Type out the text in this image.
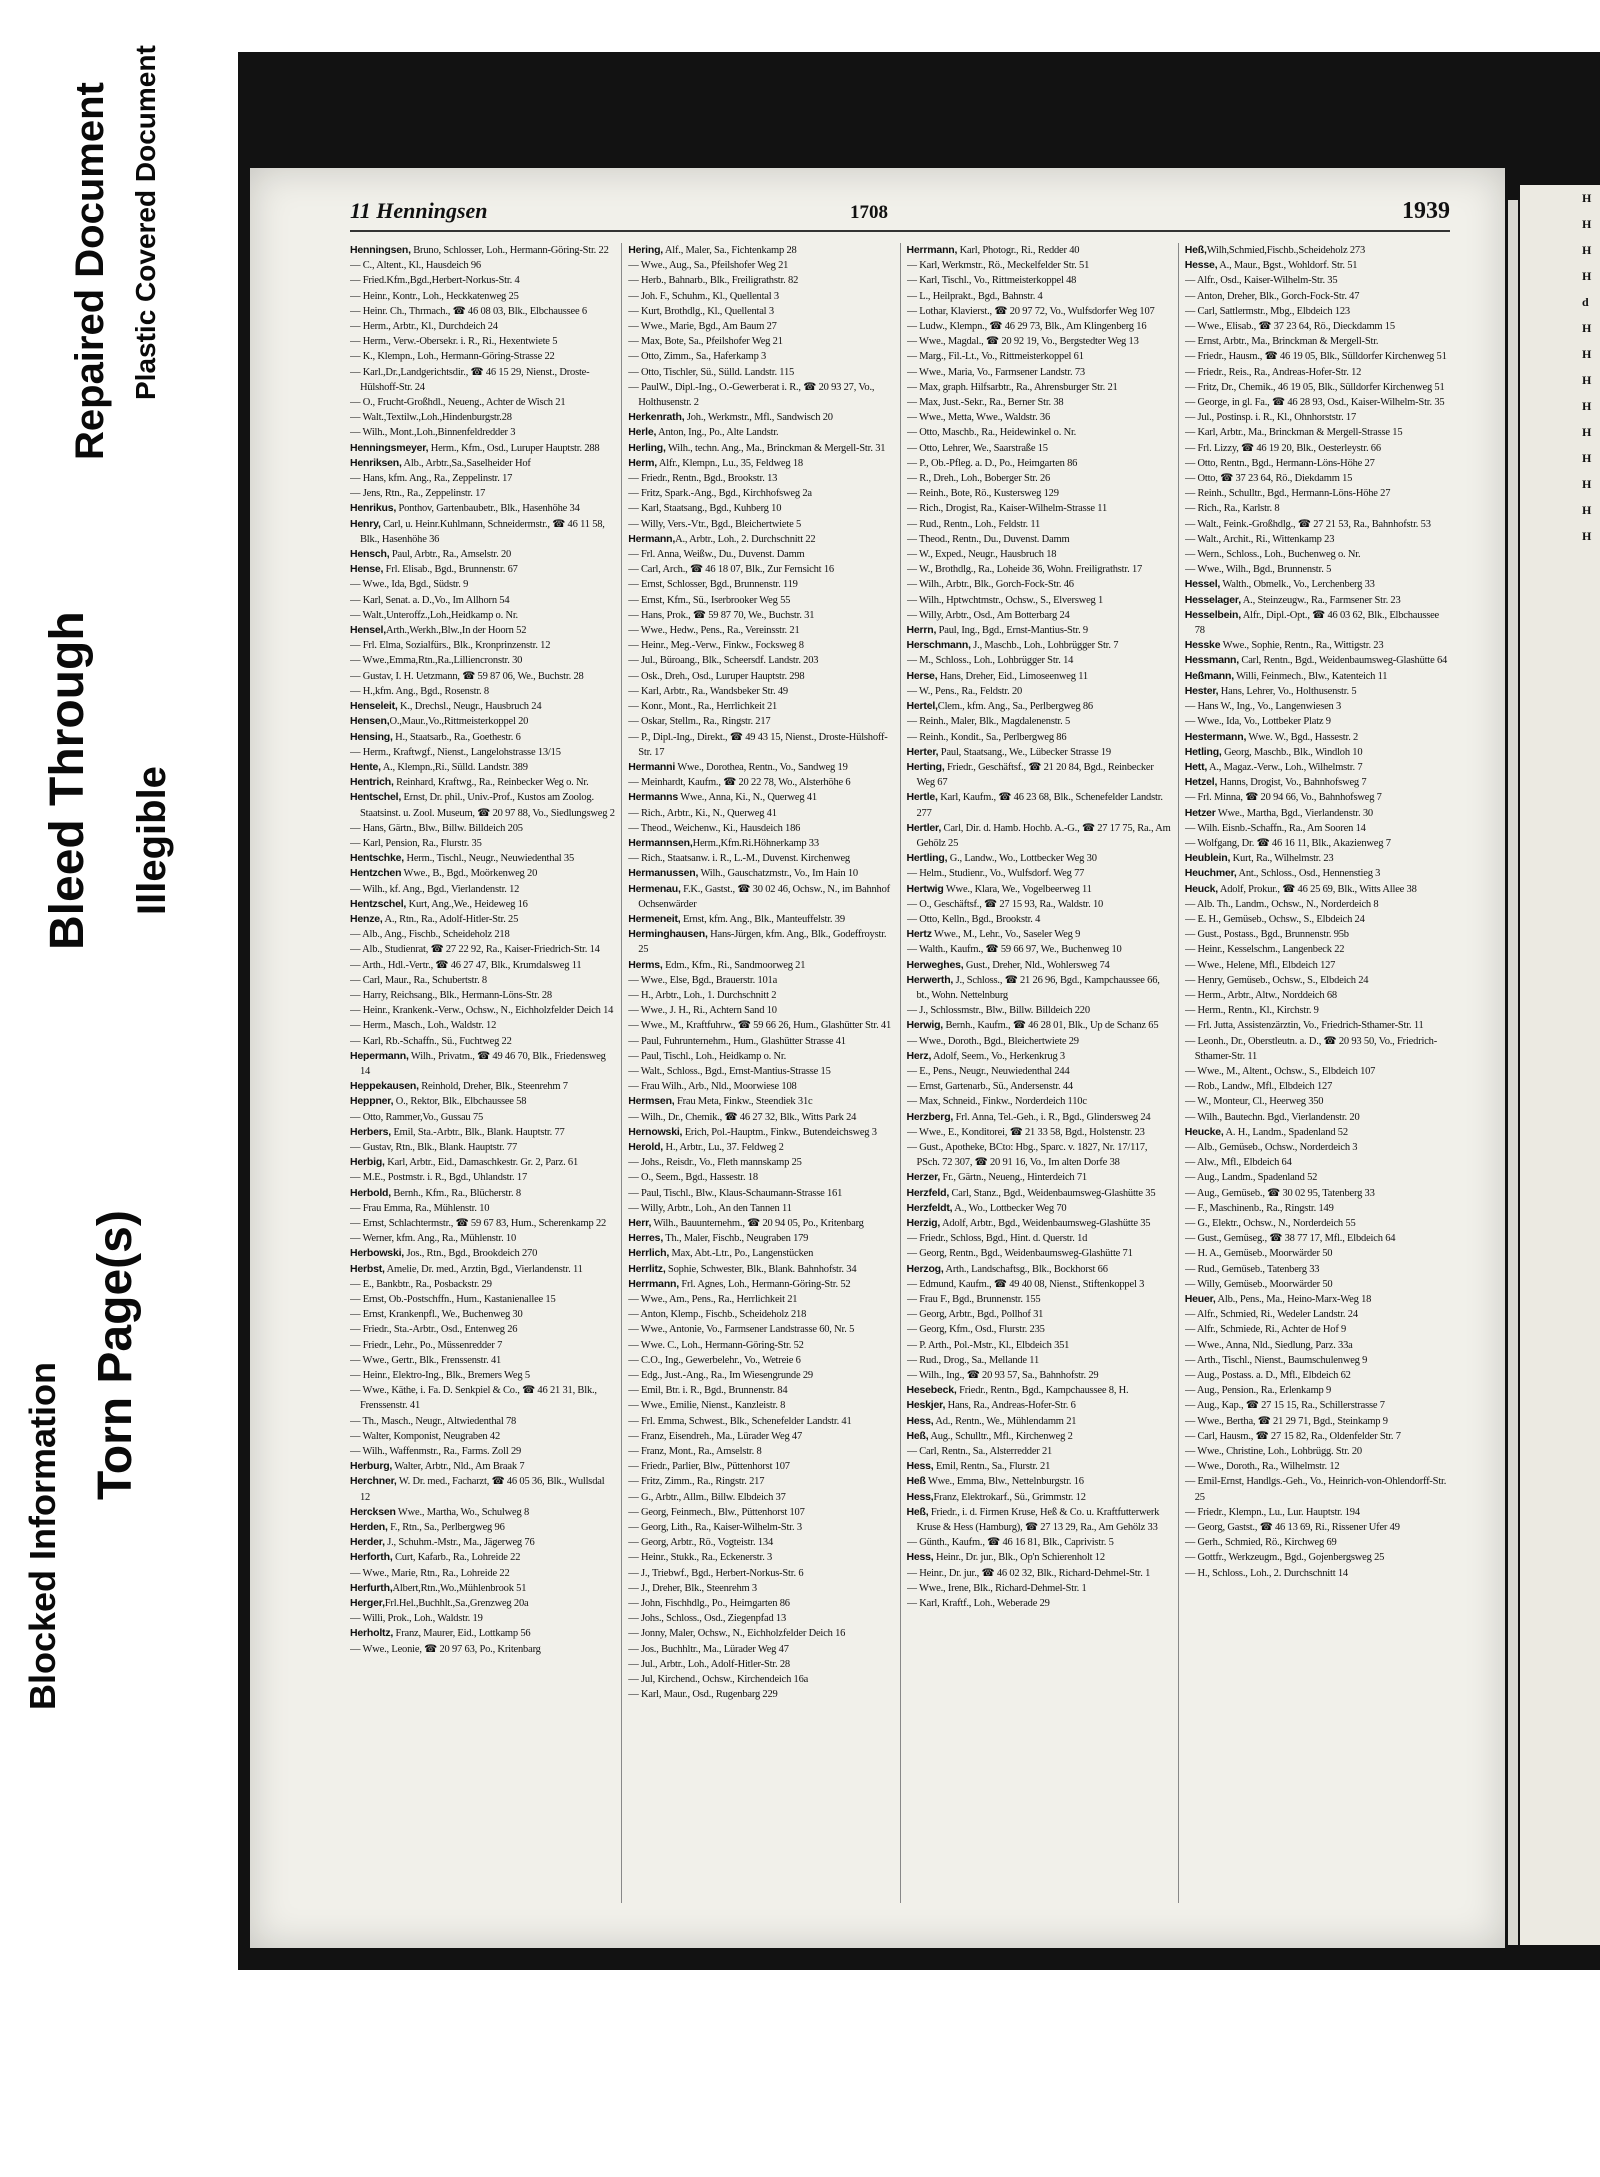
Plastic Covered Document
Repaired Document
Bleed Through Illegible
Blocked Information
Torn Page(s)
11 Henningsen	1708	1939

Henningsen, Bruno, Schlosser, Loh., Hermann-Göring-Str. 22

— C., Altent., Kl., Hausdeich 96

— Fried.Kfm.,Bgd.,Herbert-Norkus-Str. 4

— Heinr., Kontr., Loh., Heckkatenweg 25

— Heinr. Ch., Thrmach., ☎ 46 08 03, Blk., Elbchaussee 6

— Herm., Arbtr., Kl., Durchdeich 24

— Herm., Verw.-Obersekr. i. R., Ri., Hexentwiete 5

— K., Klempn., Loh., Hermann-Göring-Strasse 22

— Karl.,Dr.,Landgerichtsdir., ☎ 46 15 29, Nienst., Droste-Hülshoff-Str. 24

— O., Frucht-Großhdl., Neueng., Achter de Wisch 21

— Walt.,Textilw.,Loh.,Hindenburgstr.28

— Wilh., Mont.,Loh.,Binnenfeldredder 3

Henningsmeyer, Herm., Kfm., Osd., Luruper Hauptstr. 288

Henriksen, Alb., Arbtr.,Sa.,Saselheider Hof

— Hans, kfm. Ang., Ra., Zeppelinstr. 17

— Jens, Rtn., Ra., Zeppelinstr. 17

Henrikus, Ponthov, Gartenbaubetr., Blk., Hasenhöhe 34

Henry, Carl, u. Heinr.Kuhlmann, Schneidermstr., ☎ 46 11 58, Blk., Hasenhöhe 36

Hensch, Paul, Arbtr., Ra., Amselstr. 20

Hense, Frl. Elisab., Bgd., Brunnenstr. 67

— Wwe., Ida, Bgd., Südstr. 9

— Karl, Senat. a. D.,Vo., Im Allhorn 54

— Walt.,Unteroffz.,Loh.,Heidkamp o. Nr.

Hensel,Arth.,Werkh.,Blw.,In der Hoorn 52

— Frl. Elma, Sozialfürs., Blk., Kronprinzenstr. 12

— Wwe.,Emma,Rtn.,Ra.,Lilliencronstr. 30

— Gustav, I. H. Uetzmann, ☎ 59 87 06, We., Buchstr. 28

— H.,kfm. Ang., Bgd., Rosenstr. 8

Henseleit, K., Drechsl., Neugr., Hausbruch 24

Hensen,O.,Maur.,Vo.,Rittmeisterkoppel 20

Hensing, H., Staatsarb., Ra., Goethestr. 6

— Herm., Kraftwgf., Nienst., Langelohstrasse 13/15

Hente, A., Klempn.,Ri., Sülld. Landstr. 389

Hentrich, Reinhard, Kraftwg., Ra., Reinbecker Weg o. Nr.

Hentschel, Ernst, Dr. phil., Univ.-Prof., Kustos am Zoolog. Staatsinst. u. Zool. Museum, ☎ 20 97 88, Vo., Siedlungsweg 2

— Hans, Gärtn., Blw., Billw. Billdeich 205

— Karl, Pension, Ra., Flurstr. 35

Hentschke, Herm., Tischl., Neugr., Neuwiedenthal 35

Hentzchen Wwe., B., Bgd., Moörkenweg 20

— Wilh., kf. Ang., Bgd., Vierlandenstr. 12

Hentzschel, Kurt, Ang.,We., Heideweg 16

Henze, A., Rtn., Ra., Adolf-Hitler-Str. 25

— Alb., Ang., Fischb., Scheideholz 218

— Alb., Studienrat, ☎ 27 22 92, Ra., Kaiser-Friedrich-Str. 14

— Arth., Hdl.-Vertr., ☎ 46 27 47, Blk., Krumdalsweg 11

— Carl, Maur., Ra., Schubertstr. 8

— Harry, Reichsang., Blk., Hermann-Löns-Str. 28

— Heinr., Krankenk.-Verw., Ochsw., N., Eichholzfelder Deich 14

— Herm., Masch., Loh., Waldstr. 12

— Karl, Rb.-Schaffn., Sü., Fuchtweg 22

Hepermann, Wilh., Privatm., ☎ 49 46 70, Blk., Friedensweg 14

Heppekausen, Reinhold, Dreher, Blk., Steenrehm 7

Heppner, O., Rektor, Blk., Elbchaussee 58

— Otto, Rammer,Vo., Gussau 75

Herbers, Emil, Sta.-Arbtr., Blk., Blank. Hauptstr. 77

— Gustav, Rtn., Blk., Blank. Hauptstr. 77

Herbig, Karl, Arbtr., Eid., Damaschkestr. Gr. 2, Parz. 61

— M.E., Postmstr. i. R., Bgd., Uhlandstr. 17

Herbold, Bernh., Kfm., Ra., Blücherstr. 8

— Frau Emma, Ra., Mühlenstr. 10

— Ernst, Schlachtermstr., ☎ 59 67 83, Hum., Scherenkamp 22

— Werner, kfm. Ang., Ra., Mühlenstr. 10

Herbowski, Jos., Rtn., Bgd., Brookdeich 270

Herbst, Amelie, Dr. med., Arztin, Bgd., Vierlandenstr. 11

— E., Bankbtr., Ra., Posbackstr. 29

— Ernst, Ob.-Postschffn., Hum., Kastanienallee 15

— Ernst, Krankenpfl., We., Buchenweg 30

— Friedr., Sta.-Arbtr., Osd., Entenweg 26

— Friedr., Lehr., Po., Müssenredder 7

— Wwe., Gertr., Blk., Frenssenstr. 41

— Heinr., Elektro-Ing., Blk., Bremers Weg 5

— Wwe., Käthe, i. Fa. D. Senkpiel & Co., ☎ 46 21 31, Blk., Frenssenstr. 41

— Th., Masch., Neugr., Altwiedenthal 78

— Walter, Komponist, Neugraben 42

— Wilh., Waffenmstr., Ra., Farms. Zoll 29

Herburg, Walter, Arbtr., Nld., Am Braak 7

Herchner, W. Dr. med., Facharzt, ☎ 46 05 36, Blk., Wullsdal 12

Hercksen Wwe., Martha, Wo., Schulweg 8

Herden, F., Rtn., Sa., Perlbergweg 96

Herder, J., Schuhm.-Mstr., Ma., Jägerweg 76

Herforth, Curt, Kafarb., Ra., Lohreide 22

— Wwe., Marie, Rtn., Ra., Lohreide 22

Herfurth,Albert,Rtn.,Wo.,Mühlenbrook 51

Herger,Frl.Hel.,Buchhlt.,Sa.,Grenzweg 20a

— Willi, Prok., Loh., Waldstr. 19

Herholtz, Franz, Maurer, Eid., Lottkamp 56

— Wwe., Leonie, ☎ 20 97 63, Po., Kritenbarg

Hering, Alf., Maler, Sa., Fichtenkamp 28

— Wwe., Aug., Sa., Pfeilshofer Weg 21

— Herb., Bahnarb., Blk., Freiligrathstr. 82

— Joh. F., Schuhm., Kl., Quellental 3

— Kurt, Brothdlg., Kl., Quellental 3

— Wwe., Marie, Bgd., Am Baum 27

— Max, Bote, Sa., Pfeilshofer Weg 21

— Otto, Zimm., Sa., Haferkamp 3

— Otto, Tischler, Sü., Sülld. Landstr. 115

— PaulW., Dipl.-Ing., O.-Gewerberat i. R., ☎ 20 93 27, Vo., Holthusenstr. 2

Herkenrath, Joh., Werkmstr., Mfl., Sandwisch 20

Herle, Anton, Ing., Po., Alte Landstr.

Herling, Wilh., techn. Ang., Ma., Brinckman & Mergell-Str. 31

Herm, Alfr., Klempn., Lu., 35, Feldweg 18

— Friedr., Rentn., Bgd., Brookstr. 13

— Fritz, Spark.-Ang., Bgd., Kirchhofsweg 2a

— Karl, Staatsang., Bgd., Kuhberg 10

— Willy, Vers.-Vtr., Bgd., Bleichertwiete 5

Hermann,A., Arbtr., Loh., 2. Durchschnitt 22

— Frl. Anna, Weißw., Du., Duvenst. Damm

— Carl, Arch., ☎ 46 18 07, Blk., Zur Fernsicht 16

— Ernst, Schlosser, Bgd., Brunnenstr. 119

— Ernst, Kfm., Sü., Iserbrooker Weg 55

— Hans, Prok., ☎ 59 87 70, We., Buchstr. 31

— Wwe., Hedw., Pens., Ra., Vereinsstr. 21

— Heinr., Meg.-Verw., Finkw., Focksweg 8

— Jul., Büroang., Blk., Scheersdf. Landstr. 203

— Osk., Dreh., Osd., Luruper Hauptstr. 298

— Karl, Arbtr., Ra., Wandsbeker Str. 49

— Konr., Mont., Ra., Herrlichkeit 21

— Oskar, Stellm., Ra., Ringstr. 217

— P., Dipl.-Ing., Direkt., ☎ 49 43 15, Nienst., Droste-Hülshoff-Str. 17

Hermanni Wwe., Dorothea, Rentn., Vo., Sandweg 19

— Meinhardt, Kaufm., ☎ 20 22 78, Wo., Alsterhöhe 6

Hermanns Wwe., Anna, Ki., N., Querweg 41

— Rich., Arbtr., Ki., N., Querweg 41

— Theod., Weichenw., Ki., Hausdeich 186

Hermannsen,Herm.,Kfm.Ri.Höhnerkamp 33

— Rich., Staatsanw. i. R., L.-M., Duvenst. Kirchenweg

Hermanussen, Wilh., Gauschatzmstr., Vo., Im Hain 10

Hermenau, F.K., Gastst., ☎ 30 02 46, Ochsw., N., im Bahnhof Ochsenwärder

Hermeneit, Ernst, kfm. Ang., Blk., Manteuffelstr. 39

Herminghausen, Hans-Jürgen, kfm. Ang., Blk., Godeffroystr. 25

Herms, Edm., Kfm., Ri., Sandmoorweg 21

— Wwe., Else, Bgd., Brauerstr. 101a

— H., Arbtr., Loh., 1. Durchschnitt 2

— Wwe., J. H., Ri., Achtern Sand 10

— Wwe., M., Kraftfuhrw., ☎ 59 66 26, Hum., Glashütter Str. 41

— Paul, Fuhrunternehm., Hum., Glashütter Strasse 41

— Paul, Tischl., Loh., Heidkamp o. Nr.

— Walt., Schloss., Bgd., Ernst-Mantius-Strasse 15

— Frau Wilh., Arb., Nld., Moorwiese 108

Hermsen, Frau Meta, Finkw., Steendiek 31c

— Wilh., Dr., Chemik., ☎ 46 27 32, Blk., Witts Park 24

Hernowski, Erich, Pol.-Hauptm., Finkw., Butendeichsweg 3

Herold, H., Arbtr., Lu., 37. Feldweg 2

— Johs., Reisdr., Vo., Fleth mannskamp 25

— O., Seem., Bgd., Hassestr. 18

— Paul, Tischl., Blw., Klaus-Schaumann-Strasse 161

— Willy, Arbtr., Loh., An den Tannen 11

Herr, Wilh., Bauunternehm., ☎ 20 94 05, Po., Kritenbarg

Herres, Th., Maler, Fischb., Neugraben 179

Herrlich, Max, Abt.-Ltr., Po., Langenstücken

Herrlitz, Sophie, Schwester, Blk., Blank. Bahnhofstr. 34

Herrmann, Frl. Agnes, Loh., Hermann-Göring-Str. 52

— Wwe., Am., Pens., Ra., Herrlichkeit 21

— Anton, Klemp., Fischb., Scheideholz 218

— Wwe., Antonie, Vo., Farmsener Landstrasse 60, Nr. 5

— Wwe. C., Loh., Hermann-Göring-Str. 52

— C.O., Ing., Gewerbelehr., Vo., Wetreie 6

— Edg., Just.-Ang., Ra., Im Wiesengrunde 29

— Emil, Btr. i. R., Bgd., Brunnenstr. 84

— Wwe., Emilie, Nienst., Kanzleistr. 8

— Frl. Emma, Schwest., Blk., Schenefelder Landstr. 41

— Franz, Eisendreh., Ma., Lürader Weg 47

— Franz, Mont., Ra., Amselstr. 8

— Friedr., Parlier, Blw., Püttenhorst 107

— Fritz, Zimm., Ra., Ringstr. 217

— G., Arbtr., Allm., Billw. Elbdeich 37

— Georg, Feinmech., Blw., Püttenhorst 107

— Georg, Lith., Ra., Kaiser-Wilhelm-Str. 3

— Georg, Arbtr., Rö., Vogteistr. 134

— Heinr., Stukk., Ra., Eckenerstr. 3

— J., Triebwf., Bgd., Herbert-Norkus-Str. 6

— J., Dreher, Blk., Steenrehm 3

— John, Fischhdlg., Po., Heimgarten 86

— Johs., Schloss., Osd., Ziegenpfad 13

— Jonny, Maler, Ochsw., N., Eichholzfelder Deich 16

— Jos., Buchhltr., Ma., Lürader Weg 47

— Jul., Arbtr., Loh., Adolf-Hitler-Str. 28

— Jul, Kirchend., Ochsw., Kirchendeich 16a

— Karl, Maur., Osd., Rugenbarg 229

Herrmann, Karl, Photogr., Ri., Redder 40

— Karl, Werkmstr., Rö., Meckelfelder Str. 51

— Karl, Tischl., Vo., Rittmeisterkoppel 48

— L., Heilprakt., Bgd., Bahnstr. 4

— Lothar, Klavierst., ☎ 20 97 72, Vo., Wulfsdorfer Weg 107

— Ludw., Klempn., ☎ 46 29 73, Blk., Am Klingenberg 16

— Wwe., Magdal., ☎ 20 92 19, Vo., Bergstedter Weg 13

— Marg., Fil.-Lt., Vo., Rittmeisterkoppel 61

— Wwe., Maria, Vo., Farmsener Landstr. 73

— Max, graph. Hilfsarbtr., Ra., Ahrensburger Str. 21

— Max, Just.-Sekr., Ra., Berner Str. 38

— Wwe., Metta, Wwe., Waldstr. 36

— Otto, Maschb., Ra., Heidewinkel o. Nr.

— Otto, Lehrer, We., Saarstraße 15

— P., Ob.-Pfleg. a. D., Po., Heimgarten 86

— R., Dreh., Loh., Boberger Str. 26

— Reinh., Bote, Rö., Kustersweg 129

— Rich., Drogist, Ra., Kaiser-Wilhelm-Strasse 11

— Rud., Rentn., Loh., Feldstr. 11

— Theod., Rentn., Du., Duvenst. Damm

— W., Exped., Neugr., Hausbruch 18

— W., Brothdlg., Ra., Loheide 36, Wohn. Freiligrathstr. 17

— Wilh., Arbtr., Blk., Gorch-Fock-Str. 46

— Wilh., Hptwchtmstr., Ochsw., S., Elversweg 1

— Willy, Arbtr., Osd., Am Botterbarg 24

Herrn, Paul, Ing., Bgd., Ernst-Mantius-Str. 9

Herschmann, J., Maschb., Loh., Lohbrügger Str. 7

— M., Schloss., Loh., Lohbrügger Str. 14

Herse, Hans, Dreher, Eid., Limoseenweg 11

— W., Pens., Ra., Feldstr. 20

Hertel,Clem., kfm. Ang., Sa., Perlbergweg 86

— Reinh., Maler, Blk., Magdalenenstr. 5

— Reinh., Kondit., Sa., Perlbergweg 86

Herter, Paul, Staatsang., We., Lübecker Strasse 19

Herting, Friedr., Geschäftsf., ☎ 21 20 84, Bgd., Reinbecker Weg 67

Hertle, Karl, Kaufm., ☎ 46 23 68, Blk., Schenefelder Landstr. 277

Hertler, Carl, Dir. d. Hamb. Hochb. A.-G., ☎ 27 17 75, Ra., Am Gehölz 25

Hertling, G., Landw., Wo., Lottbecker Weg 30

— Helm., Studienr., Vo., Wulfsdorf. Weg 77

Hertwig Wwe., Klara, We., Vogelbeerweg 11

— O., Geschäftsf., ☎ 27 15 93, Ra., Waldstr. 10

— Otto, Kelln., Bgd., Brookstr. 4

Hertz Wwe., M., Lehr., Vo., Saseler Weg 9

— Walth., Kaufm., ☎ 59 66 97, We., Buchenweg 10

Herweghes, Gust., Dreher, Nld., Wohlersweg 74

Herwerth, J., Schloss., ☎ 21 26 96, Bgd., Kampchaussee 66, bt., Wohn. Nettelnburg

— J., Schlossmstr., Blw., Billw. Billdeich 220

Herwig, Bernh., Kaufm., ☎ 46 28 01, Blk., Up de Schanz 65

— Wwe., Doroth., Bgd., Bleichertwiete 29

Herz, Adolf, Seem., Vo., Herkenkrug 3

— E., Pens., Neugr., Neuwiedenthal 244

— Ernst, Gartenarb., Sü., Andersenstr. 44

— Max, Schneid., Finkw., Norderdeich 110c

Herzberg, Frl. Anna, Tel.-Geh., i. R., Bgd., Glindersweg 24

— Wwe., E., Konditorei, ☎ 21 33 58, Bgd., Holstenstr. 23

— Gust., Apotheke, BCto: Hbg., Sparc. v. 1827, Nr. 17/117, PSch. 72 307, ☎ 20 91 16, Vo., Im alten Dorfe 38

Herzer, Fr., Gärtn., Neueng., Hinterdeich 71

Herzfeld, Carl, Stanz., Bgd., Weidenbaumsweg-Glashütte 35

Herzfeldt, A., Wo., Lottbecker Weg 70

Herzig, Adolf, Arbtr., Bgd., Weidenbaumsweg-Glashütte 35

— Friedr., Schloss, Bgd., Hint. d. Querstr. 1d

— Georg, Rentn., Bgd., Weidenbaumsweg-Glashütte 71

Herzog, Arth., Landschaftsg., Blk., Bockhorst 66

— Edmund, Kaufm., ☎ 49 40 08, Nienst., Stiftenkoppel 3

— Frau F., Bgd., Brunnenstr. 155

— Georg, Arbtr., Bgd., Pollhof 31

— Georg, Kfm., Osd., Flurstr. 235

— P. Arth., Pol.-Mstr., Kl., Elbdeich 351

— Rud., Drog., Sa., Mellande 11

— Wilh., Ing., ☎ 20 93 57, Sa., Bahnhofstr. 29

Hesebeck, Friedr., Rentn., Bgd., Kampchaussee 8, H.

Heskjer, Hans, Ra., Andreas-Hofer-Str. 6

Hess, Ad., Rentn., We., Mühlendamm 21

Heß, Aug., Schulltr., Mfl., Kirchenweg 2

— Carl, Rentn., Sa., Alsterredder 21

Hess, Emil, Rentn., Sa., Flurstr. 21

Heß Wwe., Emma, Blw., Nettelnburgstr. 16

Hess,Franz, Elektrokarf., Sü., Grimmstr. 12

Heß, Friedr., i. d. Firmen Kruse, Heß & Co. u. Kraftfutterwerk Kruse & Hess (Hamburg), ☎ 27 13 29, Ra., Am Gehölz 33

— Günth., Kaufm., ☎ 46 16 81, Blk., Caprivistr. 5

Hess, Heinr., Dr. jur., Blk., Op'n Schierenholt 12

— Heinr., Dr. jur., ☎ 46 02 32, Blk., Richard-Dehmel-Str. 1

— Wwe., Irene, Blk., Richard-Dehmel-Str. 1

— Karl, Kraftf., Loh., Weberade 29

Heß,Wilh,Schmied,Fischb.,Scheideholz 273

Hesse, A., Maur., Bgst., Wohldorf. Str. 51

— Alfr., Osd., Kaiser-Wilhelm-Str. 35

— Anton, Dreher, Blk., Gorch-Fock-Str. 47

— Carl, Sattlermstr., Mbg., Elbdeich 123

— Wwe., Elisab., ☎ 37 23 64, Rö., Dieckdamm 15

— Ernst, Arbtr., Ma., Brinckman & Mergell-Str.

— Friedr., Hausm., ☎ 46 19 05, Blk., Sülldorfer Kirchenweg 51

— Friedr., Reis., Ra., Andreas-Hofer-Str. 12

— Fritz, Dr., Chemik., 46 19 05, Blk., Sülldorfer Kirchenweg 51

— George, in gl. Fa., ☎ 46 28 93, Osd., Kaiser-Wilhelm-Str. 35

— Jul., Postinsp. i. R., Kl., Ohnhorststr. 17

— Karl, Arbtr., Ma., Brinckman & Mergell-Strasse 15

— Frl. Lizzy, ☎ 46 19 20, Blk., Oesterleystr. 66

— Otto, Rentn., Bgd., Hermann-Löns-Höhe 27

— Otto, ☎ 37 23 64, Rö., Diekdamm 15

— Reinh., Schulltr., Bgd., Hermann-Löns-Höhe 27

— Rich., Ra., Karlstr. 8

— Walt., Feink.-Großhdlg., ☎ 27 21 53, Ra., Bahnhofstr. 53

— Walt., Archit., Ri., Wittenkamp 23

— Wern., Schloss., Loh., Buchenweg o. Nr.

— Wwe., Wilh., Bgd., Brunnenstr. 5

Hessel, Walth., Obmelk., Vo., Lerchenberg 33

Hesselager, A., Steinzeugw., Ra., Farmsener Str. 23

Hesselbein, Alfr., Dipl.-Opt., ☎ 46 03 62, Blk., Elbchaussee 78

Hesske Wwe., Sophie, Rentn., Ra., Wittigstr. 23

Hessmann, Carl, Rentn., Bgd., Weidenbaumsweg-Glashütte 64

Heßmann, Willi, Feinmech., Blw., Katenteich 11

Hester, Hans, Lehrer, Vo., Holthusenstr. 5

— Hans W., Ing., Vo., Langenwiesen 3

— Wwe., Ida, Vo., Lottbeker Platz 9

Hestermann, Wwe. W., Bgd., Hassestr. 2

Hetling, Georg, Maschb., Blk., Windloh 10

Hett, A., Magaz.-Verw., Loh., Wilhelmstr. 7

Hetzel, Hanns, Drogist, Vo., Bahnhofsweg 7

— Frl. Minna, ☎ 20 94 66, Vo., Bahnhofsweg 7

Hetzer Wwe., Martha, Bgd., Vierlandenstr. 30

— Wilh. Eisnb.-Schaffn., Ra., Am Sooren 14

— Wolfgang, Dr. ☎ 46 16 11, Blk., Akazienweg 7

Heublein, Kurt, Ra., Wilhelmstr. 23

Heuchmer, Ant., Schloss., Osd., Hennenstieg 3

Heuck, Adolf, Prokur., ☎ 46 25 69, Blk., Witts Allee 38

— Alb. Th., Landm., Ochsw., N., Norderdeich 8

— E. H., Gemüseb., Ochsw., S., Elbdeich 24

— Gust., Postass., Bgd., Brunnenstr. 95b

— Heinr., Kesselschm., Langenbeck 22

— Wwe., Helene, Mfl., Elbdeich 127

— Henry, Gemüseb., Ochsw., S., Elbdeich 24

— Herm., Arbtr., Altw., Norddeich 68

— Herm., Rentn., Kl., Kirchstr. 9

— Frl. Jutta, Assistenzärztin, Vo., Friedrich-Sthamer-Str. 11

— Leonh., Dr., Oberstleutn. a. D., ☎ 20 93 50, Vo., Friedrich-Sthamer-Str. 11

— Wwe., M., Altent., Ochsw., S., Elbdeich 107

— Rob., Landw., Mfl., Elbdeich 127

— W., Monteur, Cl., Heerweg 350

— Wilh., Bautechn. Bgd., Vierlandenstr. 20

Heucke, A. H., Landm., Spadenland 52

— Alb., Gemüseb., Ochsw., Norderdeich 3

— Alw., Mfl., Elbdeich 64

— Aug., Landm., Spadenland 52

— Aug., Gemüseb., ☎ 30 02 95, Tatenberg 33

— F., Maschinenb., Ra., Ringstr. 149

— G., Elektr., Ochsw., N., Norderdeich 55

— Gust., Gemüseg., ☎ 38 77 17, Mfl., Elbdeich 64

— H. A., Gemüseb., Moorwärder 50

— Rud., Gemüseb., Tatenberg 33

— Willy, Gemüseb., Moorwärder 50

Heuer, Alb., Pens., Ma., Heino-Marx-Weg 18

— Alfr., Schmied, Ri., Wedeler Landstr. 24

— Alfr., Schmiede, Ri., Achter de Hof 9

— Wwe., Anna, Nld., Siedlung, Parz. 33a

— Arth., Tischl., Nienst., Baumschulenweg 9

— Aug., Postass. a. D., Mfl., Elbdeich 62

— Aug., Pension., Ra., Erlenkamp 9

— Aug., Kap., ☎ 27 15 15, Ra., Schillerstrasse 7

— Wwe., Bertha, ☎ 21 29 71, Bgd., Steinkamp 9

— Carl, Hausm., ☎ 27 15 82, Ra., Oldenfelder Str. 7

— Wwe., Christine, Loh., Lohbrügg. Str. 20

— Wwe., Doroth., Ra., Wilhelmstr. 12

— Emil-Ernst, Handlgs.-Geh., Vo., Heinrich-von-Ohlendorff-Str. 25

— Friedr., Klempn., Lu., Lur. Hauptstr. 194

— Georg, Gastst., ☎ 46 13 69, Ri., Rissener Ufer 49

— Gerh., Schmied, Rö., Kirchweg 69

— Gottfr., Werkzeugm., Bgd., Gojenbergsweg 25

— H., Schloss., Loh., 2. Durchschnitt 14

H
H
H
H
d
H
H
H
H
H
H
H
H
H
